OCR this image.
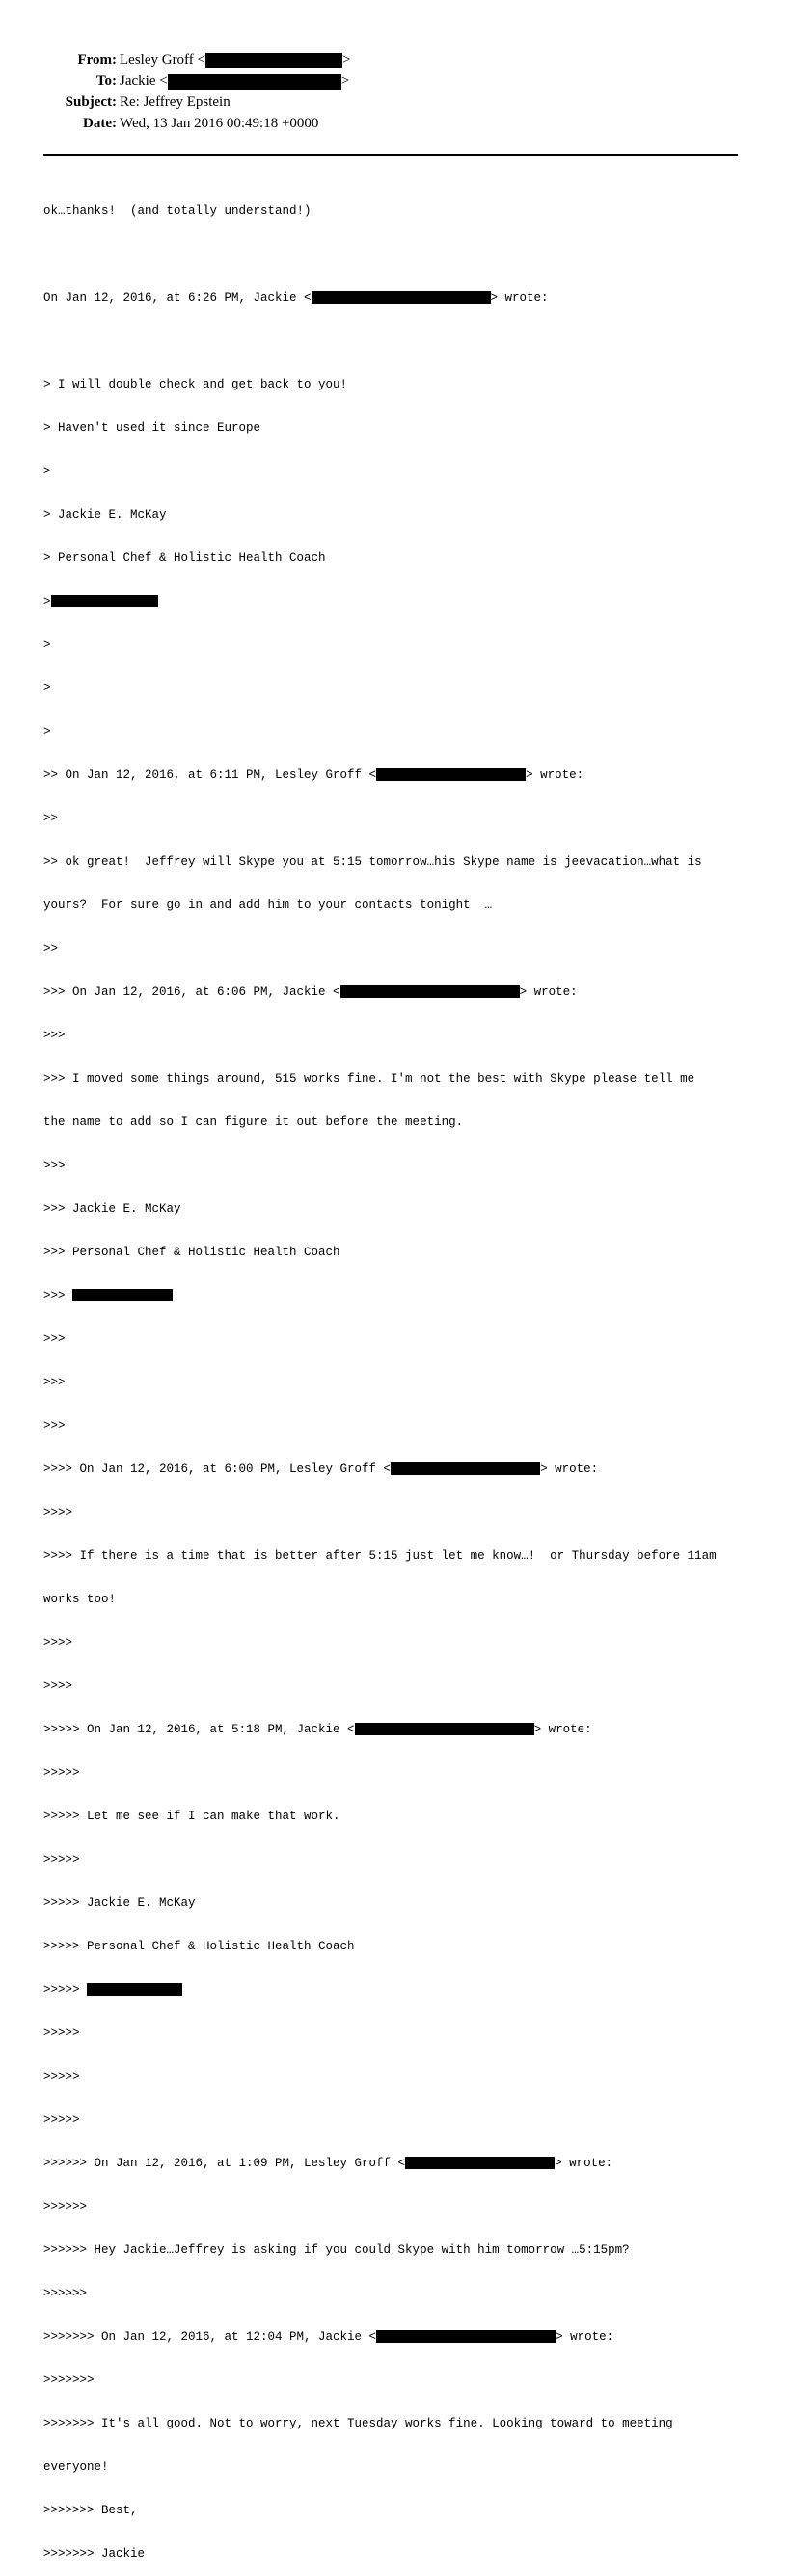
From: Lesley Groff <	>
To: Jackie <	>
Subject: Re: Jeffrey Epstein
Date: Wed, 13 Jan 2016 00:49:18 +0000

ok…thanks!  (and totally understand!)

On Jan 12, 2016, at 6:26 PM, Jackie <	> wrote:

> I will double check and get back to you!

> Haven't used it since Europe

>

> Jackie E. McKay

> Personal Chef & Holistic Health Coach

>

>

>

>

>> On Jan 12, 2016, at 6:11 PM, Lesley Groff <	> wrote:

>>

>> ok great!  Jeffrey will Skype you at 5:15 tomorrow…his Skype name is jeevacation…what is

yours?  For sure go in and add him to your contacts tonight  …

>>

>>> On Jan 12, 2016, at 6:06 PM, Jackie <	> wrote:

>>>

>>> I moved some things around, 515 works fine. I'm not the best with Skype please tell me

the name to add so I can figure it out before the meeting.

>>>

>>> Jackie E. McKay

>>> Personal Chef & Holistic Health Coach

>>>

>>>

>>>

>>>

>>>> On Jan 12, 2016, at 6:00 PM, Lesley Groff <	> wrote:

>>>>

>>>> If there is a time that is better after 5:15 just let me know…!  or Thursday before 11am

works too!

>>>>

>>>>

>>>>> On Jan 12, 2016, at 5:18 PM, Jackie <	> wrote:

>>>>>

>>>>> Let me see if I can make that work.

>>>>>

>>>>> Jackie E. McKay

>>>>> Personal Chef & Holistic Health Coach

>>>>>

>>>>>

>>>>>

>>>>>

>>>>>> On Jan 12, 2016, at 1:09 PM, Lesley Groff <	> wrote:

>>>>>>

>>>>>> Hey Jackie…Jeffrey is asking if you could Skype with him tomorrow …5:15pm?

>>>>>>

>>>>>>> On Jan 12, 2016, at 12:04 PM, Jackie <	> wrote:

>>>>>>>

>>>>>>> It's all good. Not to worry, next Tuesday works fine. Looking toward to meeting

everyone!

>>>>>>> Best,

>>>>>>> Jackie
